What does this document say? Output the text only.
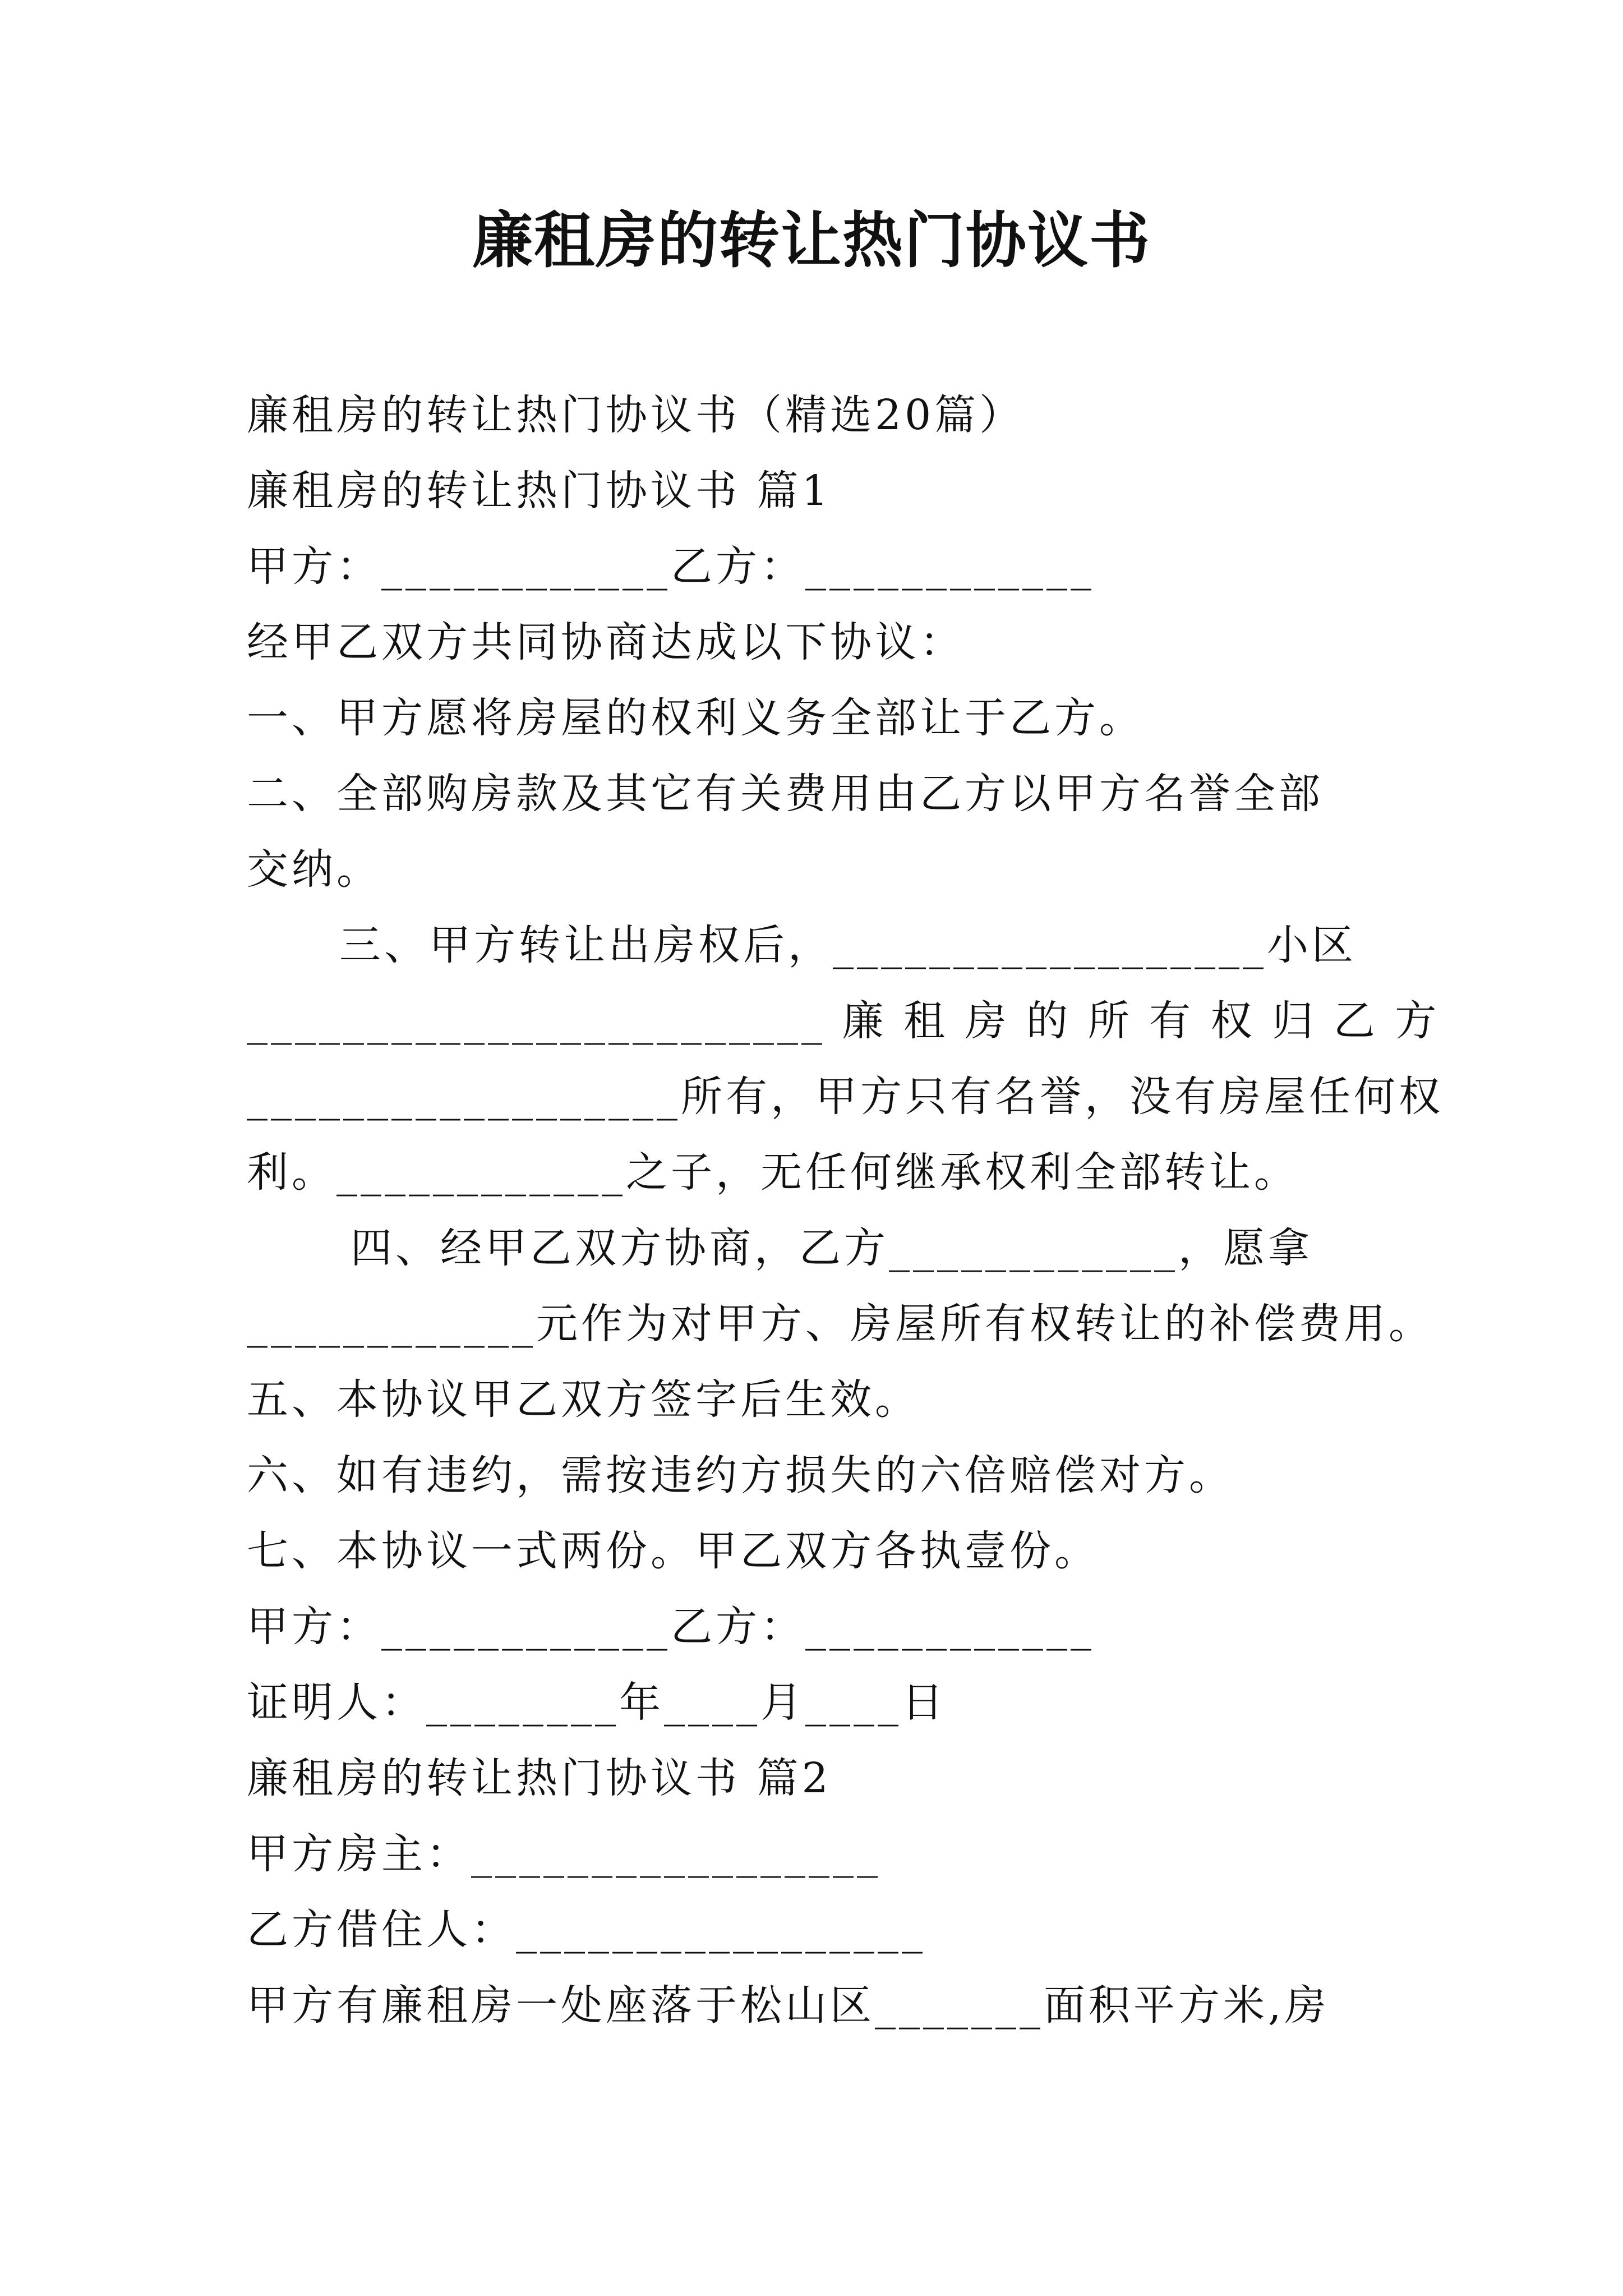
廉租房的转让热门协议书
廉租房的转让热门协议书（精选20篇）
廉租房的转让热门协议书 篇1
甲方：____________乙方：____________
经甲乙双方共同协商达成以下协议：
一、甲方愿将房屋的权利义务全部让于乙方。
二、全部购房款及其它有关费用由乙方以甲方名誉全部
交纳。
三、甲方转让出房权后，__________________小区
________________________ 廉 租 房 的 所 有 权 归 乙 方
__________________所有，甲方只有名誉，没有房屋任何权
利。____________之子，无任何继承权利全部转让。
四、经甲乙双方协商，乙方____________，愿拿
____________元作为对甲方、房屋所有权转让的补偿费用。
五、本协议甲乙双方签字后生效。
六、如有违约，需按违约方损失的六倍赔偿对方。
七、本协议一式两份。甲乙双方各执壹份。
甲方：____________乙方：____________
证明人：________年____月____日
廉租房的转让热门协议书 篇2
甲方房主：_________________
乙方借住人：_________________
甲方有廉租房一处座落于松山区_______面积平方米,房
